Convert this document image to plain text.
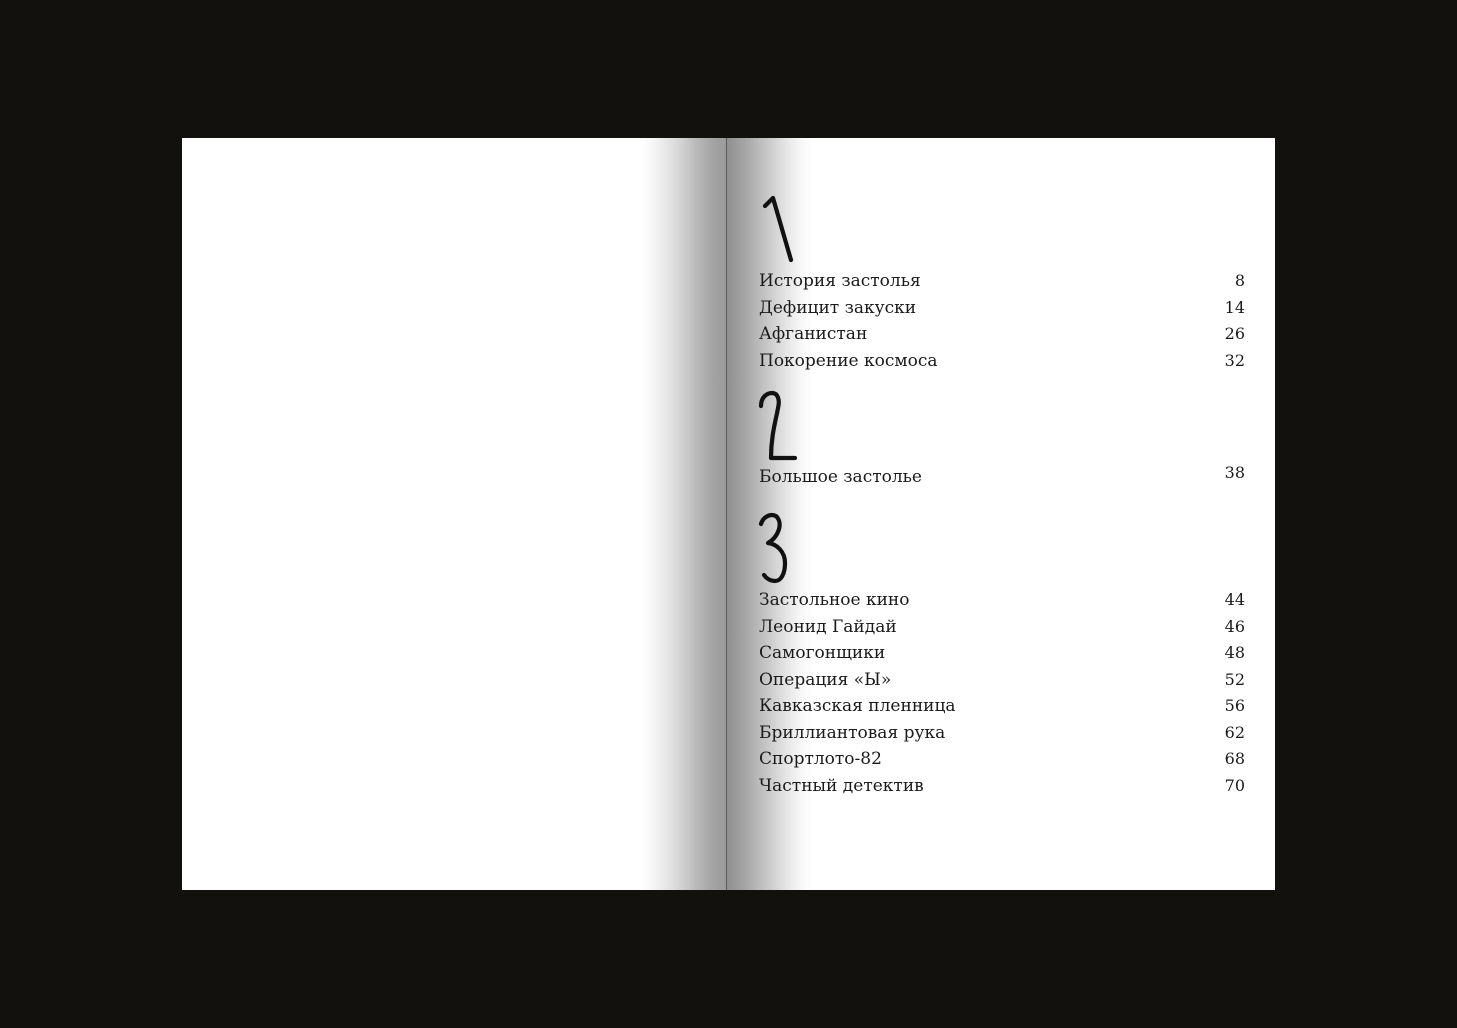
История застолья	8
Дефицит закуски	14
Афганистан	26
Покорение космоса	32
Большое застолье	38
Застольное кино	44
Леонид Гайдай	46
Самогонщики	48
Операция «Ы»	52
Кавказская пленница	56
Бриллиантовая рука	62
Спортлото-82	68
Частный детектив	70
